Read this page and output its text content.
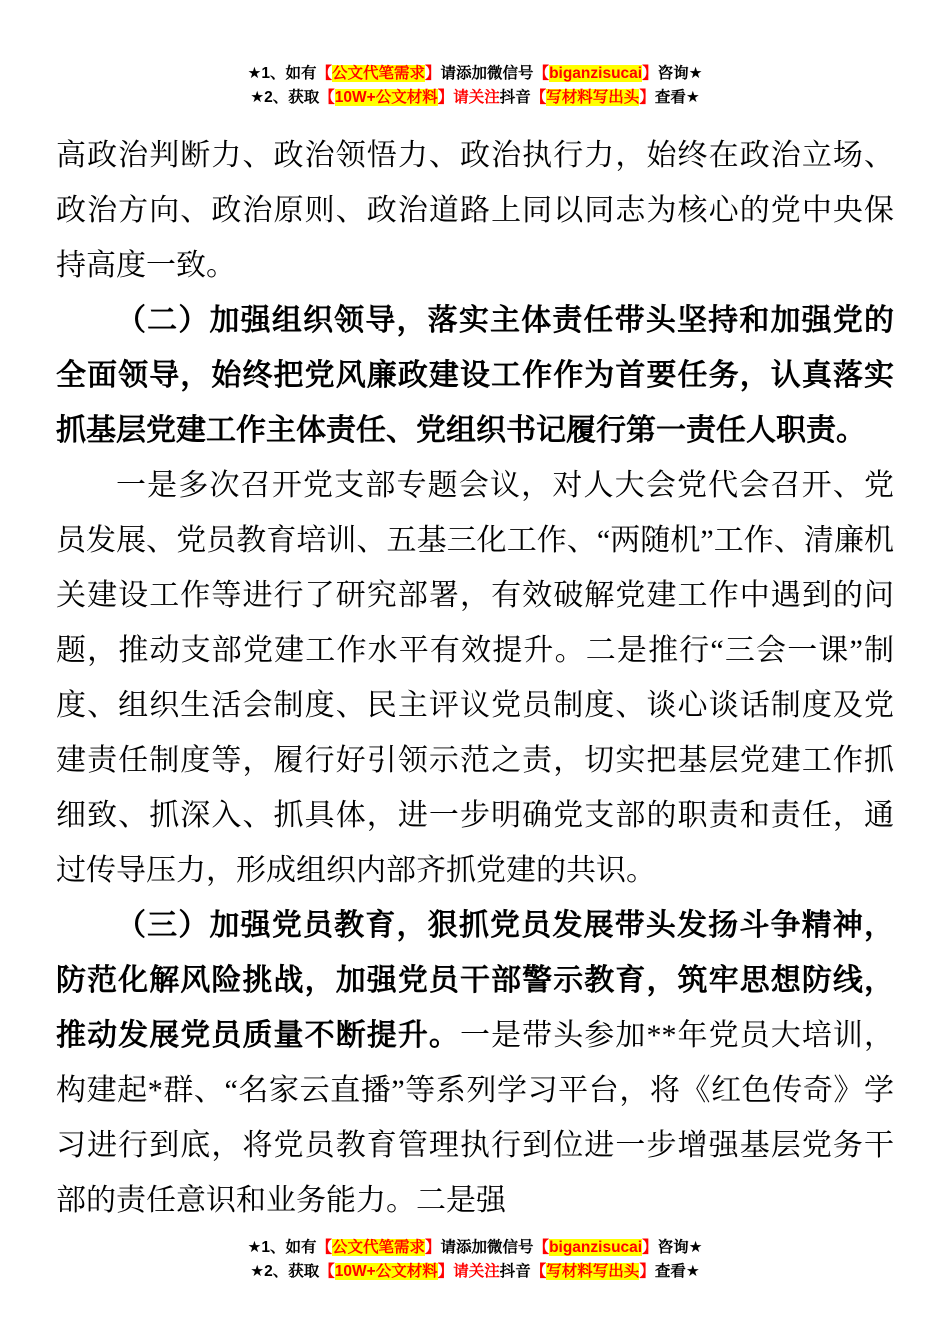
★1、如有【公文代笔需求】请添加微信号【biganzisucai】咨询★
★2、获取【10W+公文材料】请关注抖音【写材料写出头】查看★

高政治判断力、政治领悟力、政治执行力，始终在政治立场、政治方向、政治原则、政治道路上同以同志为核心的党中央保持高度一致。

（二）加强组织领导，落实主体责任带头坚持和加强党的全面领导，始终把党风廉政建设工作作为首要任务，认真落实抓基层党建工作主体责任、党组织书记履行第一责任人职责。

一是多次召开党支部专题会议，对人大会党代会召开、党员发展、党员教育培训、五基三化工作、“两随机”工作、清廉机关建设工作等进行了研究部署，有效破解党建工作中遇到的问题，推动支部党建工作水平有效提升。二是推行“三会一课”制度、组织生活会制度、民主评议党员制度、谈心谈话制度及党建责任制度等，履行好引领示范之责，切实把基层党建工作抓细致、抓深入、抓具体，进一步明确党支部的职责和责任，通过传导压力，形成组织内部齐抓党建的共识。

（三）加强党员教育，狠抓党员发展带头发扬斗争精神，防范化解风险挑战，加强党员干部警示教育，筑牢思想防线，推动发展党员质量不断提升。一是带头参加**年党员大培训，构建起*群、“名家云直播”等系列学习平台，将《红色传奇》学习进行到底，将党员教育管理执行到位进一步增强基层党务干部的责任意识和业务能力。二是强

★1、如有【公文代笔需求】请添加微信号【biganzisucai】咨询★
★2、获取【10W+公文材料】请关注抖音【写材料写出头】查看★
